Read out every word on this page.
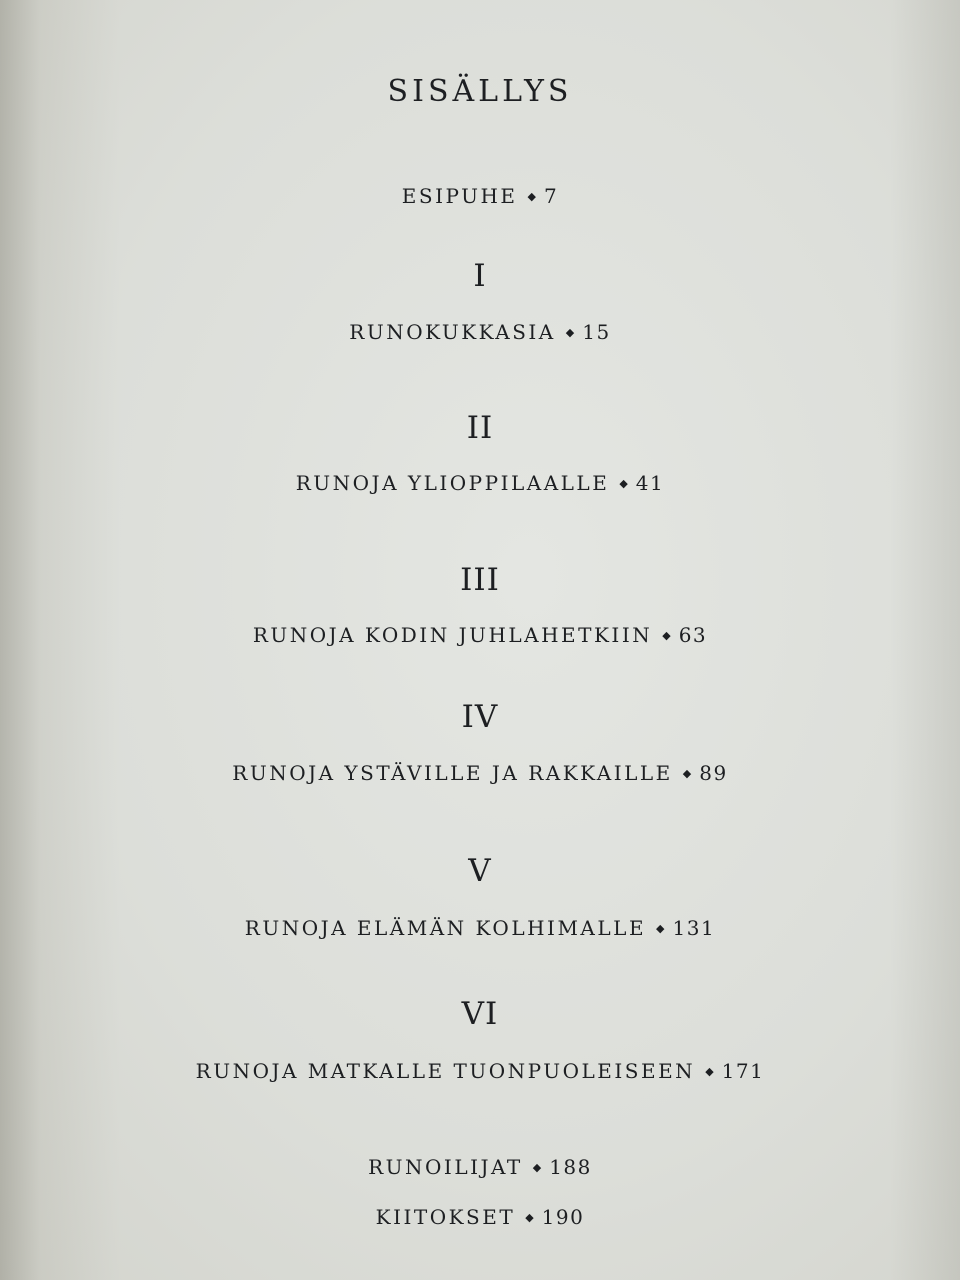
SISÄLLYS
ESIPUHE ◆ 7
I
RUNOKUKKASIA ◆ 15
II
RUNOJA YLIOPPILAALLE ◆ 41
III
RUNOJA KODIN JUHLAHETKIIN ◆ 63
IV
RUNOJA YSTÄVILLE JA RAKKAILLE ◆ 89
V
RUNOJA ELÄMÄN KOLHIMALLE ◆ 131
VI
RUNOJA MATKALLE TUONPUOLEISEEN ◆ 171
RUNOILIJAT ◆ 188
KIITOKSET ◆ 190
